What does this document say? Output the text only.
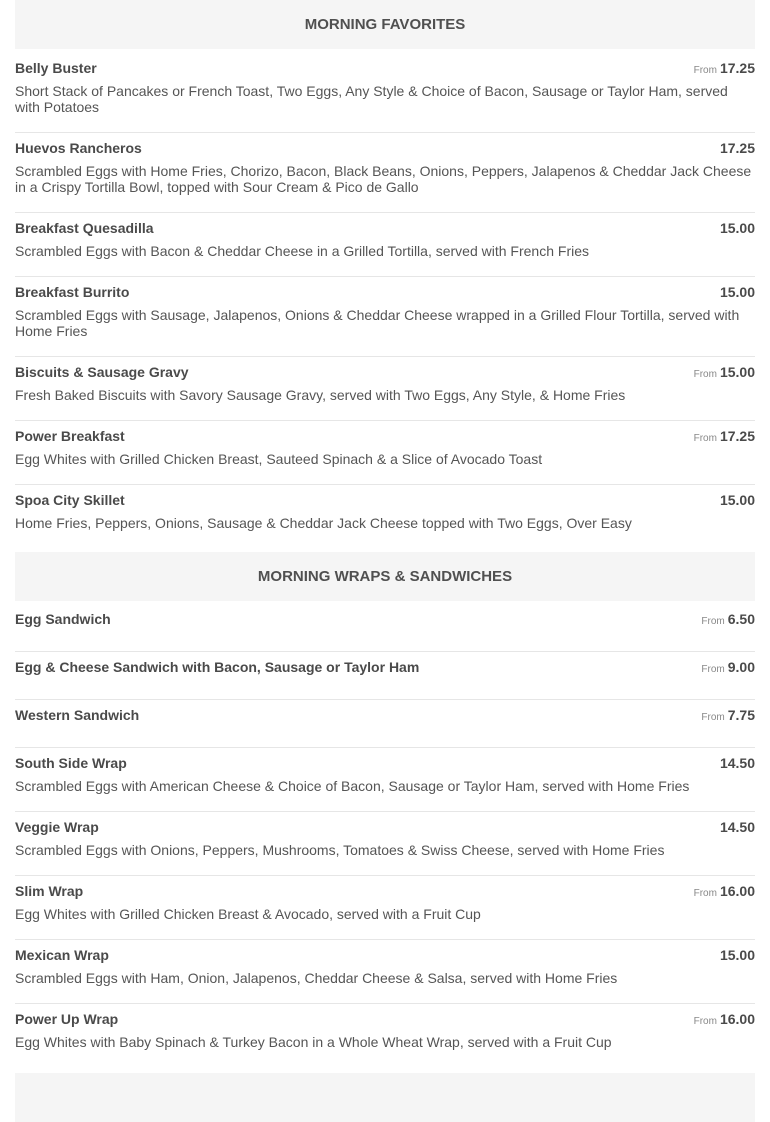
MORNING FAVORITES
Belly Buster	From 17.25
Short Stack of Pancakes or French Toast, Two Eggs, Any Style & Choice of Bacon, Sausage or Taylor Ham, served with Potatoes
Huevos Rancheros	17.25
Scrambled Eggs with Home Fries, Chorizo, Bacon, Black Beans, Onions, Peppers, Jalapenos & Cheddar Jack Cheese in a Crispy Tortilla Bowl, topped with Sour Cream & Pico de Gallo
Breakfast Quesadilla	15.00
Scrambled Eggs with Bacon & Cheddar Cheese in a Grilled Tortilla, served with French Fries
Breakfast Burrito	15.00
Scrambled Eggs with Sausage, Jalapenos, Onions & Cheddar Cheese wrapped in a Grilled Flour Tortilla, served with Home Fries
Biscuits & Sausage Gravy	From 15.00
Fresh Baked Biscuits with Savory Sausage Gravy, served with Two Eggs, Any Style, & Home Fries
Power Breakfast	From 17.25
Egg Whites with Grilled Chicken Breast, Sauteed Spinach & a Slice of Avocado Toast
Spoa City Skillet	15.00
Home Fries, Peppers, Onions, Sausage & Cheddar Jack Cheese topped with Two Eggs, Over Easy
MORNING WRAPS & SANDWICHES
Egg Sandwich	From 6.50
Egg & Cheese Sandwich with Bacon, Sausage or Taylor Ham	From 9.00
Western Sandwich	From 7.75
South Side Wrap	14.50
Scrambled Eggs with American Cheese & Choice of Bacon, Sausage or Taylor Ham, served with Home Fries
Veggie Wrap	14.50
Scrambled Eggs with Onions, Peppers, Mushrooms, Tomatoes & Swiss Cheese, served with Home Fries
Slim Wrap	From 16.00
Egg Whites with Grilled Chicken Breast & Avocado, served with a Fruit Cup
Mexican Wrap	15.00
Scrambled Eggs with Ham, Onion, Jalapenos, Cheddar Cheese & Salsa, served with Home Fries
Power Up Wrap	From 16.00
Egg Whites with Baby Spinach & Turkey Bacon in a Whole Wheat Wrap, served with a Fruit Cup
